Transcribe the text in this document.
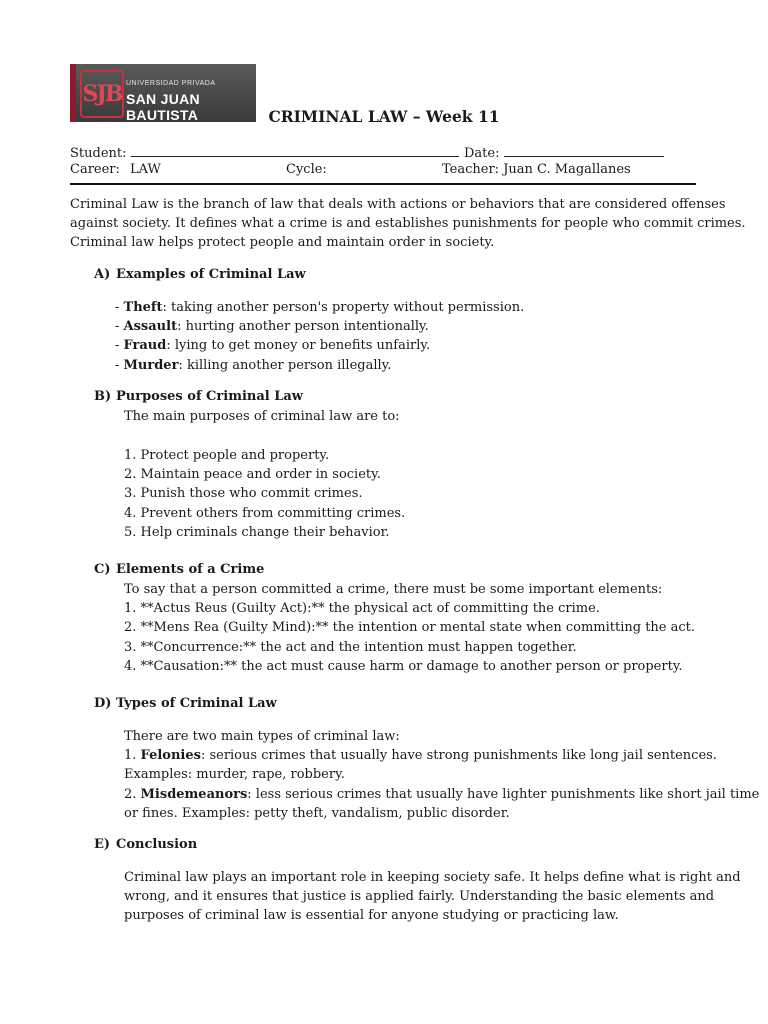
SJB UNIVERSIDAD PRIVADA
SAN JUAN BAUTISTA	CRIMINAL LAW – Week 11
Student:	Date:
Career: LAW	Cycle:	Teacher: Juan C. Magallanes
Criminal Law is the branch of law that deals with actions or behaviors that are considered offenses
against society. It defines what a crime is and establishes punishments for people who commit crimes.
Criminal law helps protect people and maintain order in society.
A) Examples of Criminal Law
- Theft: taking another person's property without permission.
- Assault: hurting another person intentionally.
- Fraud: lying to get money or benefits unfairly.
- Murder: killing another person illegally.
B) Purposes of Criminal Law
The main purposes of criminal law are to:
1. Protect people and property.
2. Maintain peace and order in society.
3. Punish those who commit crimes.
4. Prevent others from committing crimes.
5. Help criminals change their behavior.
C) Elements of a Crime
To say that a person committed a crime, there must be some important elements:
1. **Actus Reus (Guilty Act):** the physical act of committing the crime.
2. **Mens Rea (Guilty Mind):** the intention or mental state when committing the act.
3. **Concurrence:** the act and the intention must happen together.
4. **Causation:** the act must cause harm or damage to another person or property.
D) Types of Criminal Law
There are two main types of criminal law:
1. Felonies: serious crimes that usually have strong punishments like long jail sentences.
Examples: murder, rape, robbery.
2. Misdemeanors: less serious crimes that usually have lighter punishments like short jail time
or fines. Examples: petty theft, vandalism, public disorder.
E) Conclusion
Criminal law plays an important role in keeping society safe. It helps define what is right and
wrong, and it ensures that justice is applied fairly. Understanding the basic elements and
purposes of criminal law is essential for anyone studying or practicing law.
